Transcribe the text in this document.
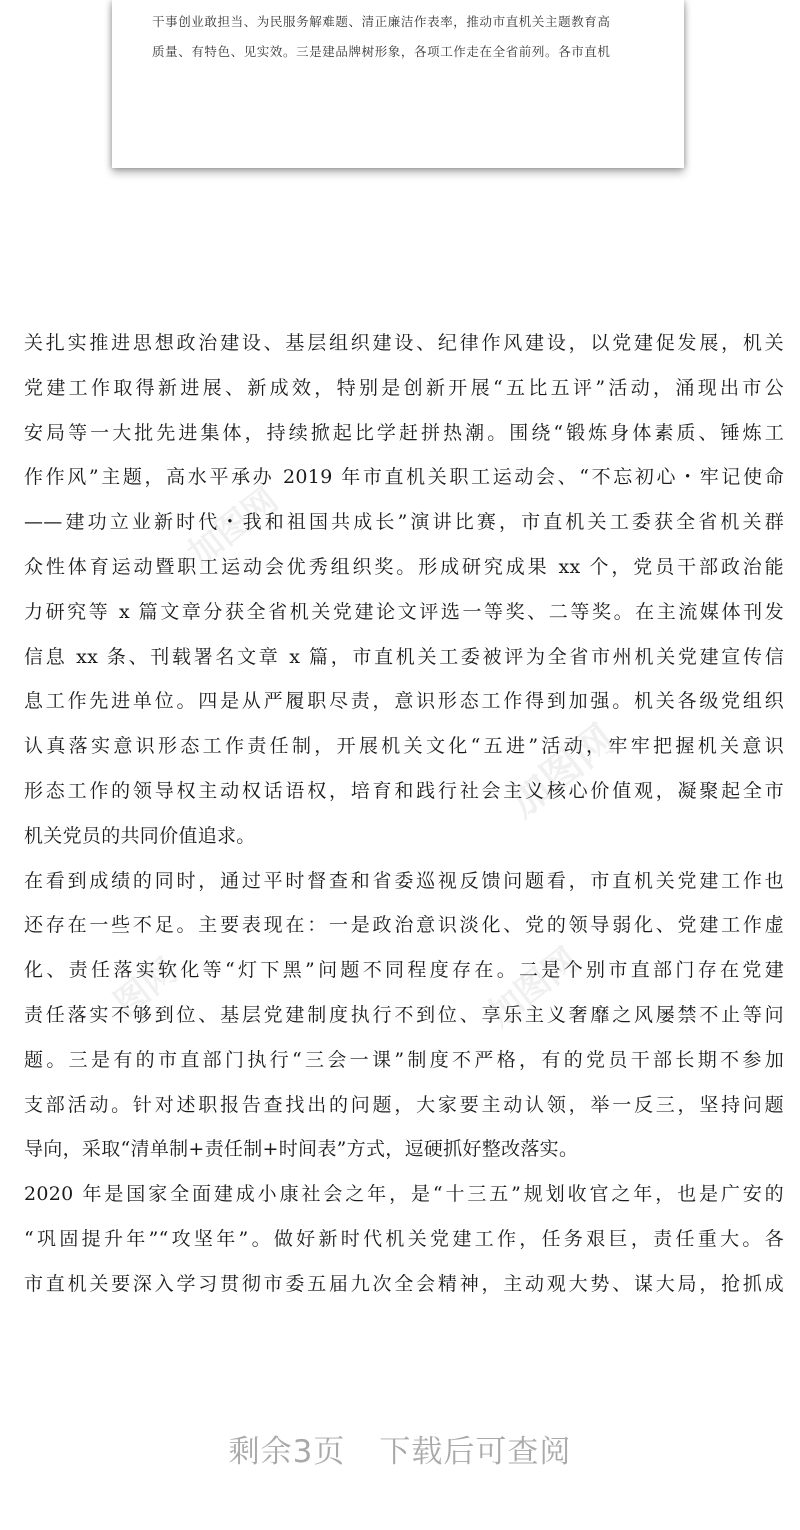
干事创业敢担当、为民服务解难题、清正廉洁作表率，推动市直机关主题教育高
质量、有特色、见实效。三是建品牌树形象，各项工作走在全省前列。各市直机
加图网
加图网
图网	加图网
关扎实推进思想政治建设、基层组织建设、纪律作风建设，以党建促发展，机关
党建工作取得新进展、新成效，特别是创新开展“五比五评”活动，涌现出市公
安局等一大批先进集体，持续掀起比学赶拼热潮。围绕“锻炼身体素质、锤炼工
作作风”主题，高水平承办 2019 年市直机关职工运动会、“不忘初心・牢记使命
——建功立业新时代・我和祖国共成长”演讲比赛，市直机关工委获全省机关群
众性体育运动暨职工运动会优秀组织奖。形成研究成果 xx 个，党员干部政治能
力研究等 x 篇文章分获全省机关党建论文评选一等奖、二等奖。在主流媒体刊发
信息 xx 条、刊载署名文章 x 篇，市直机关工委被评为全省市州机关党建宣传信
息工作先进单位。四是从严履职尽责，意识形态工作得到加强。机关各级党组织
认真落实意识形态工作责任制，开展机关文化“五进”活动，牢牢把握机关意识
形态工作的领导权主动权话语权，培育和践行社会主义核心价值观，凝聚起全市
机关党员的共同价值追求。
在看到成绩的同时，通过平时督查和省委巡视反馈问题看，市直机关党建工作也
还存在一些不足。主要表现在：一是政治意识淡化、党的领导弱化、党建工作虚
化、责任落实软化等“灯下黑”问题不同程度存在。二是个别市直部门存在党建
责任落实不够到位、基层党建制度执行不到位、享乐主义奢靡之风屡禁不止等问
题。三是有的市直部门执行“三会一课”制度不严格，有的党员干部长期不参加
支部活动。针对述职报告查找出的问题，大家要主动认领，举一反三，坚持问题
导向，采取“清单制+责任制+时间表”方式，逗硬抓好整改落实。
2020 年是国家全面建成小康社会之年，是“十三五”规划收官之年，也是广安的
“巩固提升年”“攻坚年”。做好新时代机关党建工作，任务艰巨，责任重大。各
市直机关要深入学习贯彻市委五届九次全会精神，主动观大势、谋大局，抢抓成
剩余3页 下载后可查阅
